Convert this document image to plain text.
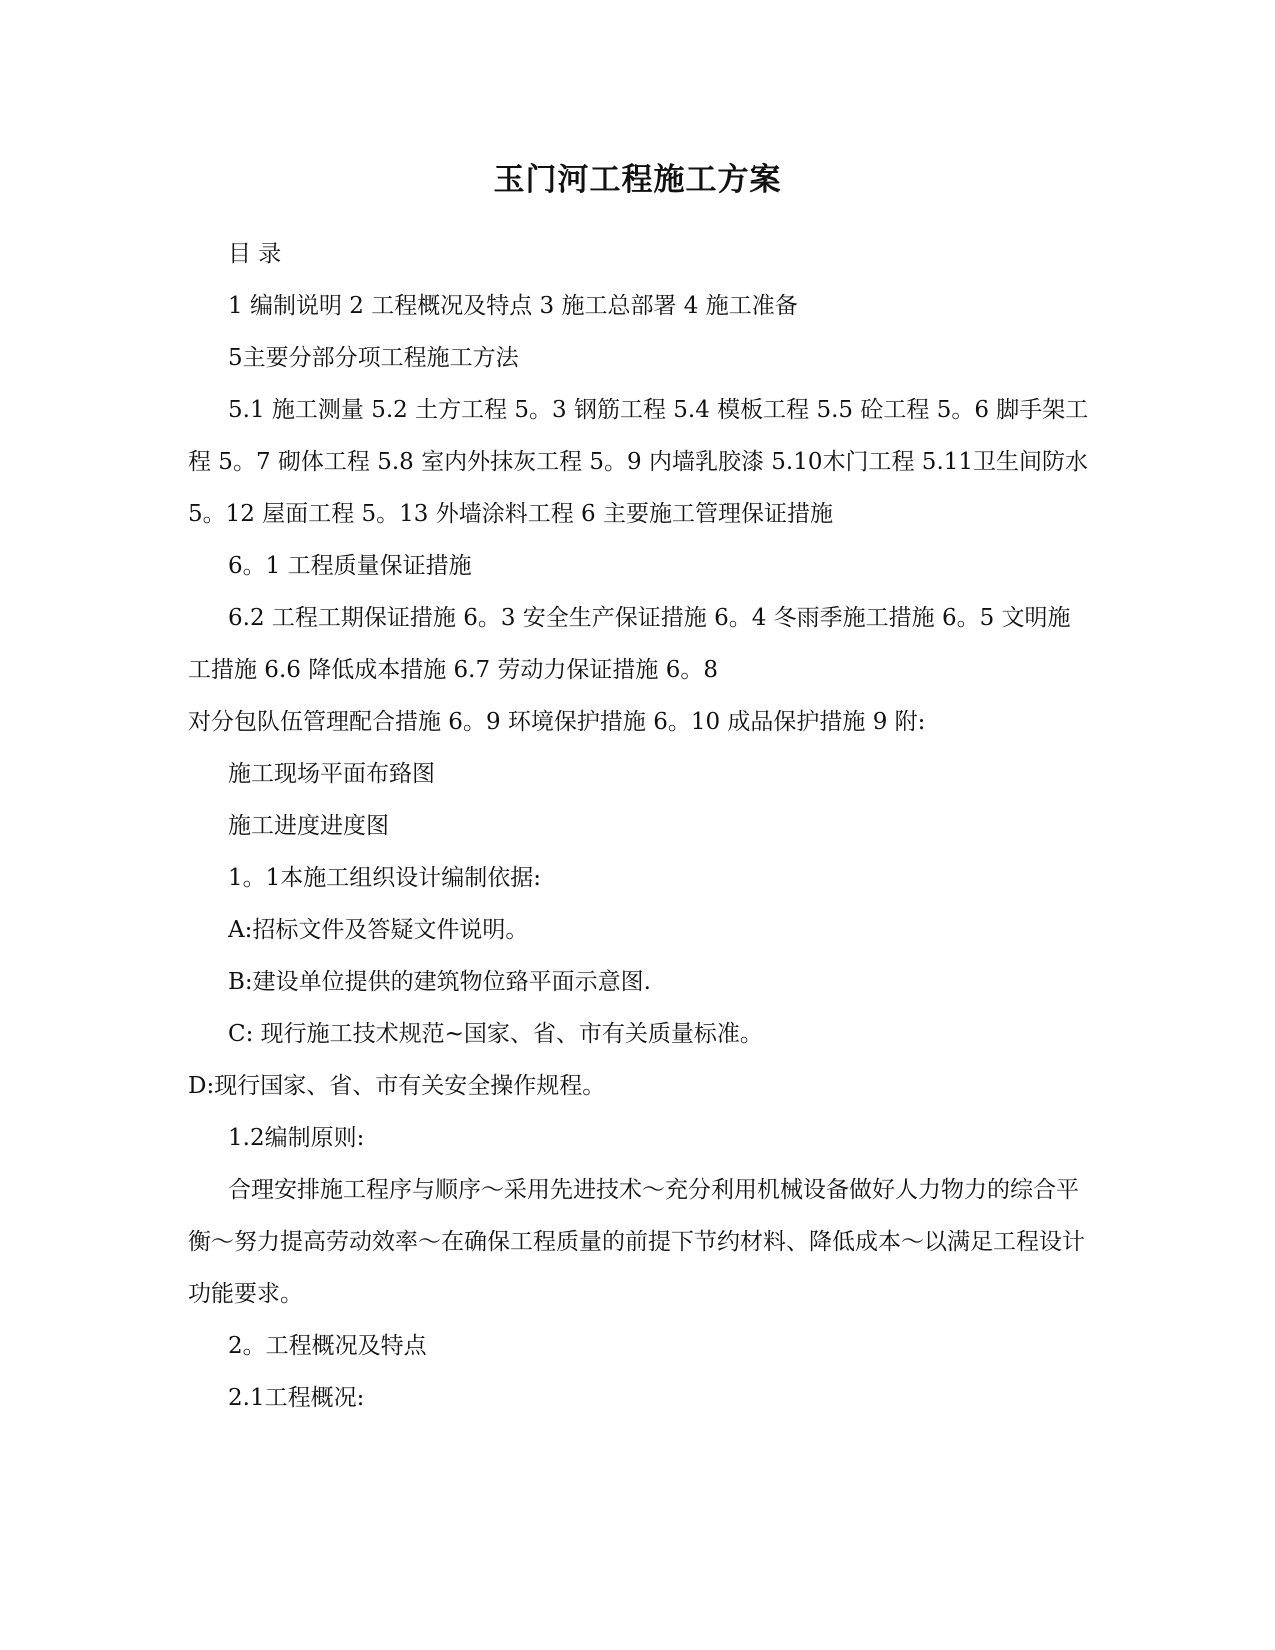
玉门河工程施工方案
目 录
1 编制说明 2 工程概况及特点 3 施工总部署 4 施工准备
5主要分部分项工程施工方法
5.1 施工测量 5.2 土方工程 5。3 钢筋工程 5.4 模板工程 5.5 砼工程 5。6 脚手架工程 5。7 砌体工程 5.8 室内外抹灰工程 5。9 内墙乳胶漆 5.10木门工程 5.11卫生间防水 5。12 屋面工程 5。13 外墙涂料工程 6 主要施工管理保证措施
6。1 工程质量保证措施
6.2 工程工期保证措施 6。3 安全生产保证措施 6。4 冬雨季施工措施 6。5 文明施工措施 6.6 降低成本措施 6.7 劳动力保证措施 6。8
对分包队伍管理配合措施 6。9 环境保护措施 6。10 成品保护措施 9 附:
施工现场平面布臵图
施工进度进度图
1。1本施工组织设计编制依据:
A:招标文件及答疑文件说明。
B:建设单位提供的建筑物位臵平面示意图.
C: 现行施工技术规范~国家、省、市有关质量标准。
D:现行国家、省、市有关安全操作规程。
1.2编制原则:
合理安排施工程序与顺序～采用先进技术～充分利用机械设备做好人力物力的综合平衡～努力提高劳动效率～在确保工程质量的前提下节约材料、降低成本～以满足工程设计功能要求。
2。工程概况及特点
2.1工程概况:
